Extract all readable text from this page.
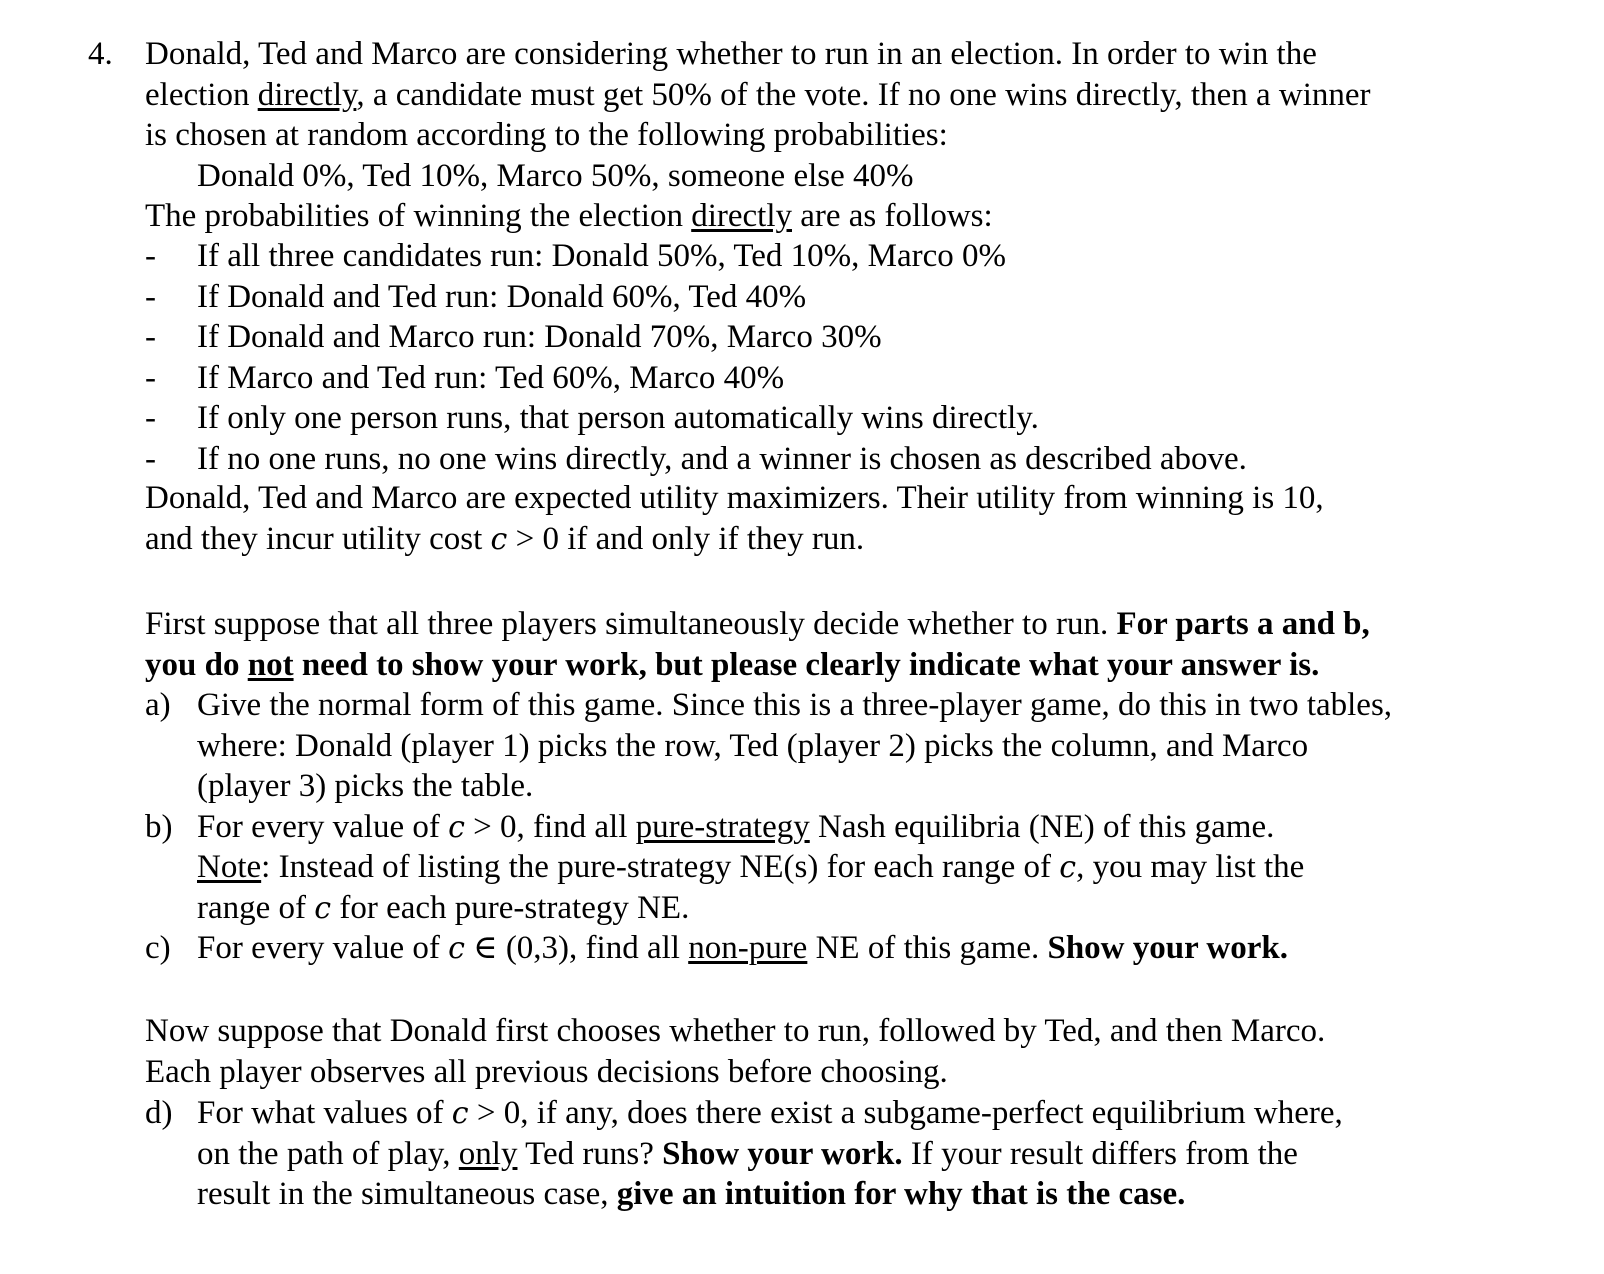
4. Donald, Ted and Marco are considering whether to run in an election. In order to win the
election directly, a candidate must get 50% of the vote. If no one wins directly, then a winner
is chosen at random according to the following probabilities:
Donald 0%, Ted 10%, Marco 50%, someone else 40%
The probabilities of winning the election directly are as follows:
- If all three candidates run: Donald 50%, Ted 10%, Marco 0%
- If Donald and Ted run: Donald 60%, Ted 40%
- If Donald and Marco run: Donald 70%, Marco 30%
- If Marco and Ted run: Ted 60%, Marco 40%
- If only one person runs, that person automatically wins directly.
- If no one runs, no one wins directly, and a winner is chosen as described above.
Donald, Ted and Marco are expected utility maximizers. Their utility from winning is 10,
and they incur utility cost c > 0 if and only if they run.
First suppose that all three players simultaneously decide whether to run. For parts a and b,
you do not need to show your work, but please clearly indicate what your answer is.
a) Give the normal form of this game. Since this is a three-player game, do this in two tables,
where: Donald (player 1) picks the row, Ted (player 2) picks the column, and Marco
(player 3) picks the table.
b) For every value of c > 0, find all pure-strategy Nash equilibria (NE) of this game.
Note: Instead of listing the pure-strategy NE(s) for each range of c, you may list the
range of c for each pure-strategy NE.
c) For every value of c ∈ (0,3), find all non-pure NE of this game. Show your work.
Now suppose that Donald first chooses whether to run, followed by Ted, and then Marco.
Each player observes all previous decisions before choosing.
d) For what values of c > 0, if any, does there exist a subgame-perfect equilibrium where,
on the path of play, only Ted runs? Show your work. If your result differs from the
result in the simultaneous case, give an intuition for why that is the case.
